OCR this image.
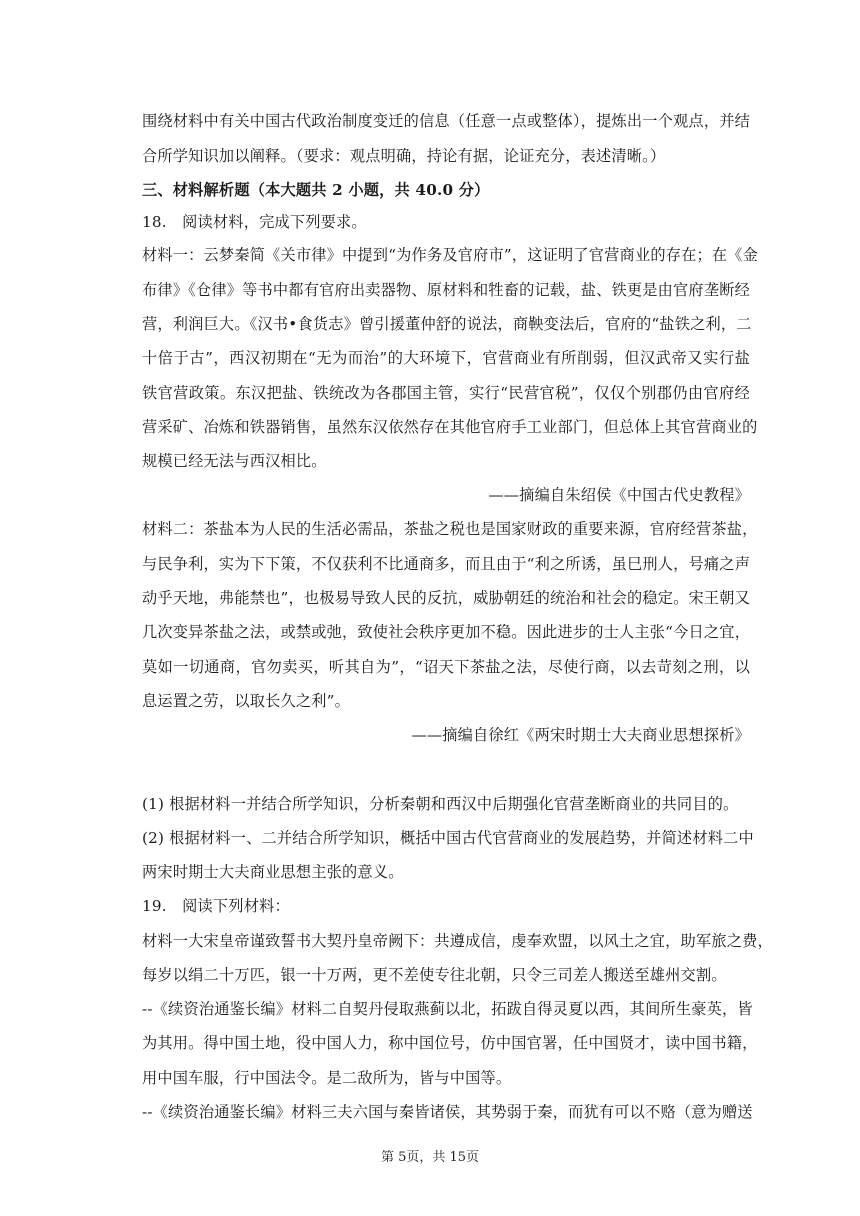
围绕材料中有关中国古代政治制度变迁的信息（任意一点或整体），提炼出一个观点，并结
合所学知识加以阐释。（要求：观点明确，持论有据，论证充分，表述清晰。）
三、材料解析题（本大题共 2 小题，共 40.0 分）
18.　阅读材料，完成下列要求。
材料一：云梦秦简《关市律》中提到“为作务及官府市”，这证明了官营商业的存在；在《金
布律》《仓律》等书中都有官府出卖器物、原材料和牲畜的记载，盐、铁更是由官府垄断经
营，利润巨大。《汉书•食货志》曾引援董仲舒的说法，商鞅变法后，官府的“盐铁之利，二
十倍于古”，西汉初期在“无为而治”的大环境下，官营商业有所削弱，但汉武帝又实行盐
铁官营政策。东汉把盐、铁统改为各郡国主管，实行“民营官税”，仅仅个别郡仍由官府经
营采矿、冶炼和铁器销售，虽然东汉依然存在其他官府手工业部门，但总体上其官营商业的
规模已经无法与西汉相比。
——摘编自朱绍侯《中国古代史教程》
材料二：茶盐本为人民的生活必需品，茶盐之税也是国家财政的重要来源，官府经营茶盐，
与民争利，实为下下策，不仅获利不比通商多，而且由于“利之所诱，虽巳刑人，号痛之声
动乎天地，弗能禁也”，也极易导致人民的反抗，威胁朝廷的统治和社会的稳定。宋王朝又
几次变异茶盐之法，或禁或弛，致使社会秩序更加不稳。因此进步的士人主张“今日之宜，
莫如一切通商，官勿卖买，听其自为”，“诏天下茶盐之法，尽使行商，以去苛刻之刑，以
息运置之劳，以取长久之利”。
——摘编自徐红《两宋时期士大夫商业思想探析》
(1) 根据材料一并结合所学知识，分析秦朝和西汉中后期强化官营垄断商业的共同目的。
(2) 根据材料一、二并结合所学知识，概括中国古代官营商业的发展趋势，并简述材料二中
两宋时期士大夫商业思想主张的意义。
19.　阅读下列材料：
材料一大宋皇帝谨致誓书大契丹皇帝阙下：共遵成信，虔奉欢盟，以风土之宜，助军旅之费，
每岁以绢二十万匹，银一十万两，更不差使专往北朝，只令三司差人搬送至雄州交割。
--《续资治通鉴长编》材料二自契丹侵取燕蓟以北，拓跋自得灵夏以西，其间所生豪英，皆
为其用。得中国土地，役中国人力，称中国位号，仿中国官署，任中国贤才，读中国书籍，
用中国车服，行中国法令。是二敌所为，皆与中国等。
--《续资治通鉴长编》材料三夫六国与秦皆诸侯，其势弱于秦，而犹有可以不赂（意为赠送
第 5页，共 15页
